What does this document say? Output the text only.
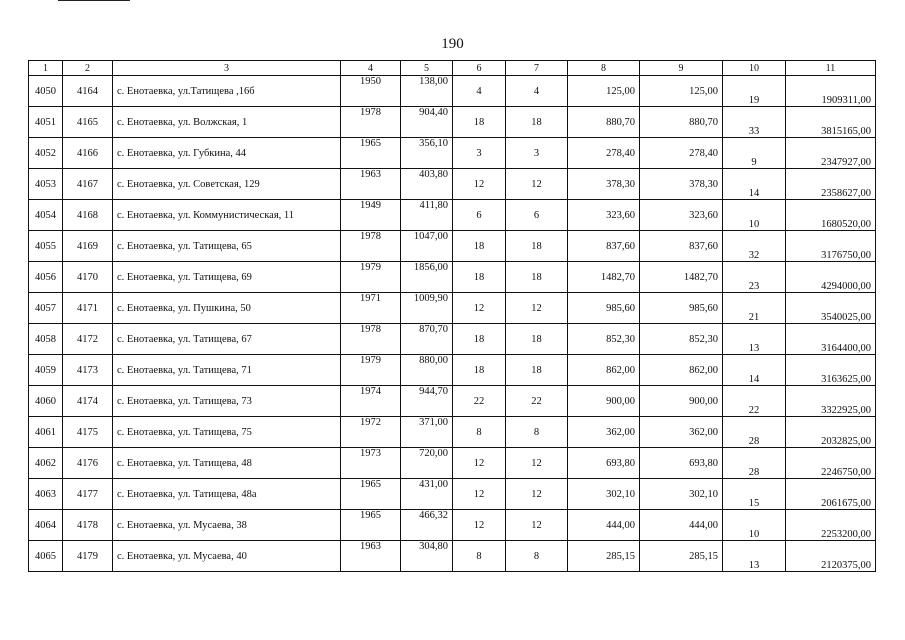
190
1	2	3	4	5	6	7	8	9	10	11
4050	4164	с. Енотаевка, ул.Татищева ,16б	1950	138,00	4	4	125,00	125,00	19	1909311,00
4051	4165	с. Енотаевка, ул. Волжская, 1	1978	904,40	18	18	880,70	880,70	33	3815165,00
4052	4166	с. Енотаевка, ул. Губкина, 44	1965	356,10	3	3	278,40	278,40	9	2347927,00
4053	4167	с. Енотаевка, ул. Советская, 129	1963	403,80	12	12	378,30	378,30	14	2358627,00
4054	4168	с. Енотаевка, ул. Коммунистическая, 11	1949	411,80	6	6	323,60	323,60	10	1680520,00
4055	4169	с. Енотаевка, ул. Татищева, 65	1978	1047,00	18	18	837,60	837,60	32	3176750,00
4056	4170	с. Енотаевка, ул. Татищева, 69	1979	1856,00	18	18	1482,70	1482,70	23	4294000,00
4057	4171	с. Енотаевка, ул. Пушкина, 50	1971	1009,90	12	12	985,60	985,60	21	3540025,00
4058	4172	с. Енотаевка, ул. Татищева, 67	1978	870,70	18	18	852,30	852,30	13	3164400,00
4059	4173	с. Енотаевка, ул. Татищева, 71	1979	880,00	18	18	862,00	862,00	14	3163625,00
4060	4174	с. Енотаевка, ул. Татищева, 73	1974	944,70	22	22	900,00	900,00	22	3322925,00
4061	4175	с. Енотаевка, ул. Татищева, 75	1972	371,00	8	8	362,00	362,00	28	2032825,00
4062	4176	с. Енотаевка, ул. Татищева, 48	1973	720,00	12	12	693,80	693,80	28	2246750,00
4063	4177	с. Енотаевка, ул. Татищева, 48а	1965	431,00	12	12	302,10	302,10	15	2061675,00
4064	4178	с. Енотаевка, ул. Мусаева, 38	1965	466,32	12	12	444,00	444,00	10	2253200,00
4065	4179	с. Енотаевка, ул. Мусаева, 40	1963	304,80	8	8	285,15	285,15	13	2120375,00
